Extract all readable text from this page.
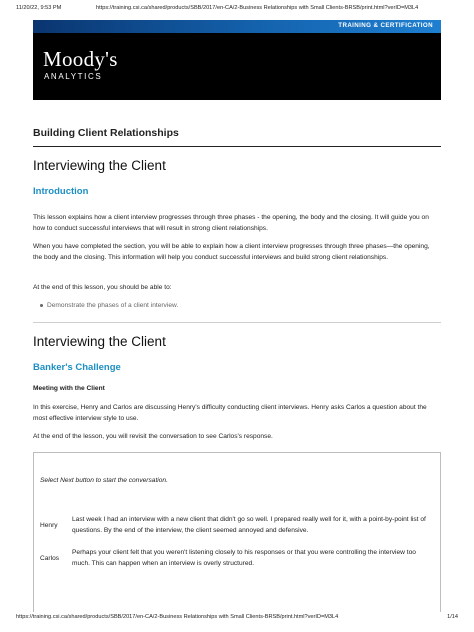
11/20/22, 9:53 PM	https://training.csi.ca/shared/products/SBB/2017/en-CA/2-Business Relationships with Small Clients-BRSB/print.html?verID=M3L4
TRAINING & CERTIFICATION
Moody's
ANALYTICS
Building Client Relationships
Interviewing the Client
Introduction

This lesson explains how a client interview progresses through three phases - the opening, the body and the closing. It will guide you on how to conduct successful interviews that will result in strong client relationships.

When you have completed the section, you will be able to explain how a client interview progresses through three phases—the opening, the body and the closing. This information will help you conduct successful interviews and build strong client relationships.

At the end of this lesson, you should be able to:

Demonstrate the phases of a client interview.
Interviewing the Client
Banker's Challenge

Meeting with the Client

In this exercise, Henry and Carlos are discussing Henry's difficulty conducting client interviews. Henry asks Carlos a question about the most effective interview style to use.

At the end of the lesson, you will revisit the conversation to see Carlos's response.

Select Next button to start the conversation.
Henry
Last week I had an interview with a new client that didn't go so well. I prepared really well for it, with a point-by-point list of questions. By the end of the interview, the client seemed annoyed and defensive.
Carlos
Perhaps your client felt that you weren't listening closely to his responses or that you were controlling the interview too much. This can happen when an interview is overly structured.
https://training.csi.ca/shared/products/SBB/2017/en-CA/2-Business Relationships with Small Clients-BRSB/print.html?verID=M3L4	1/14
